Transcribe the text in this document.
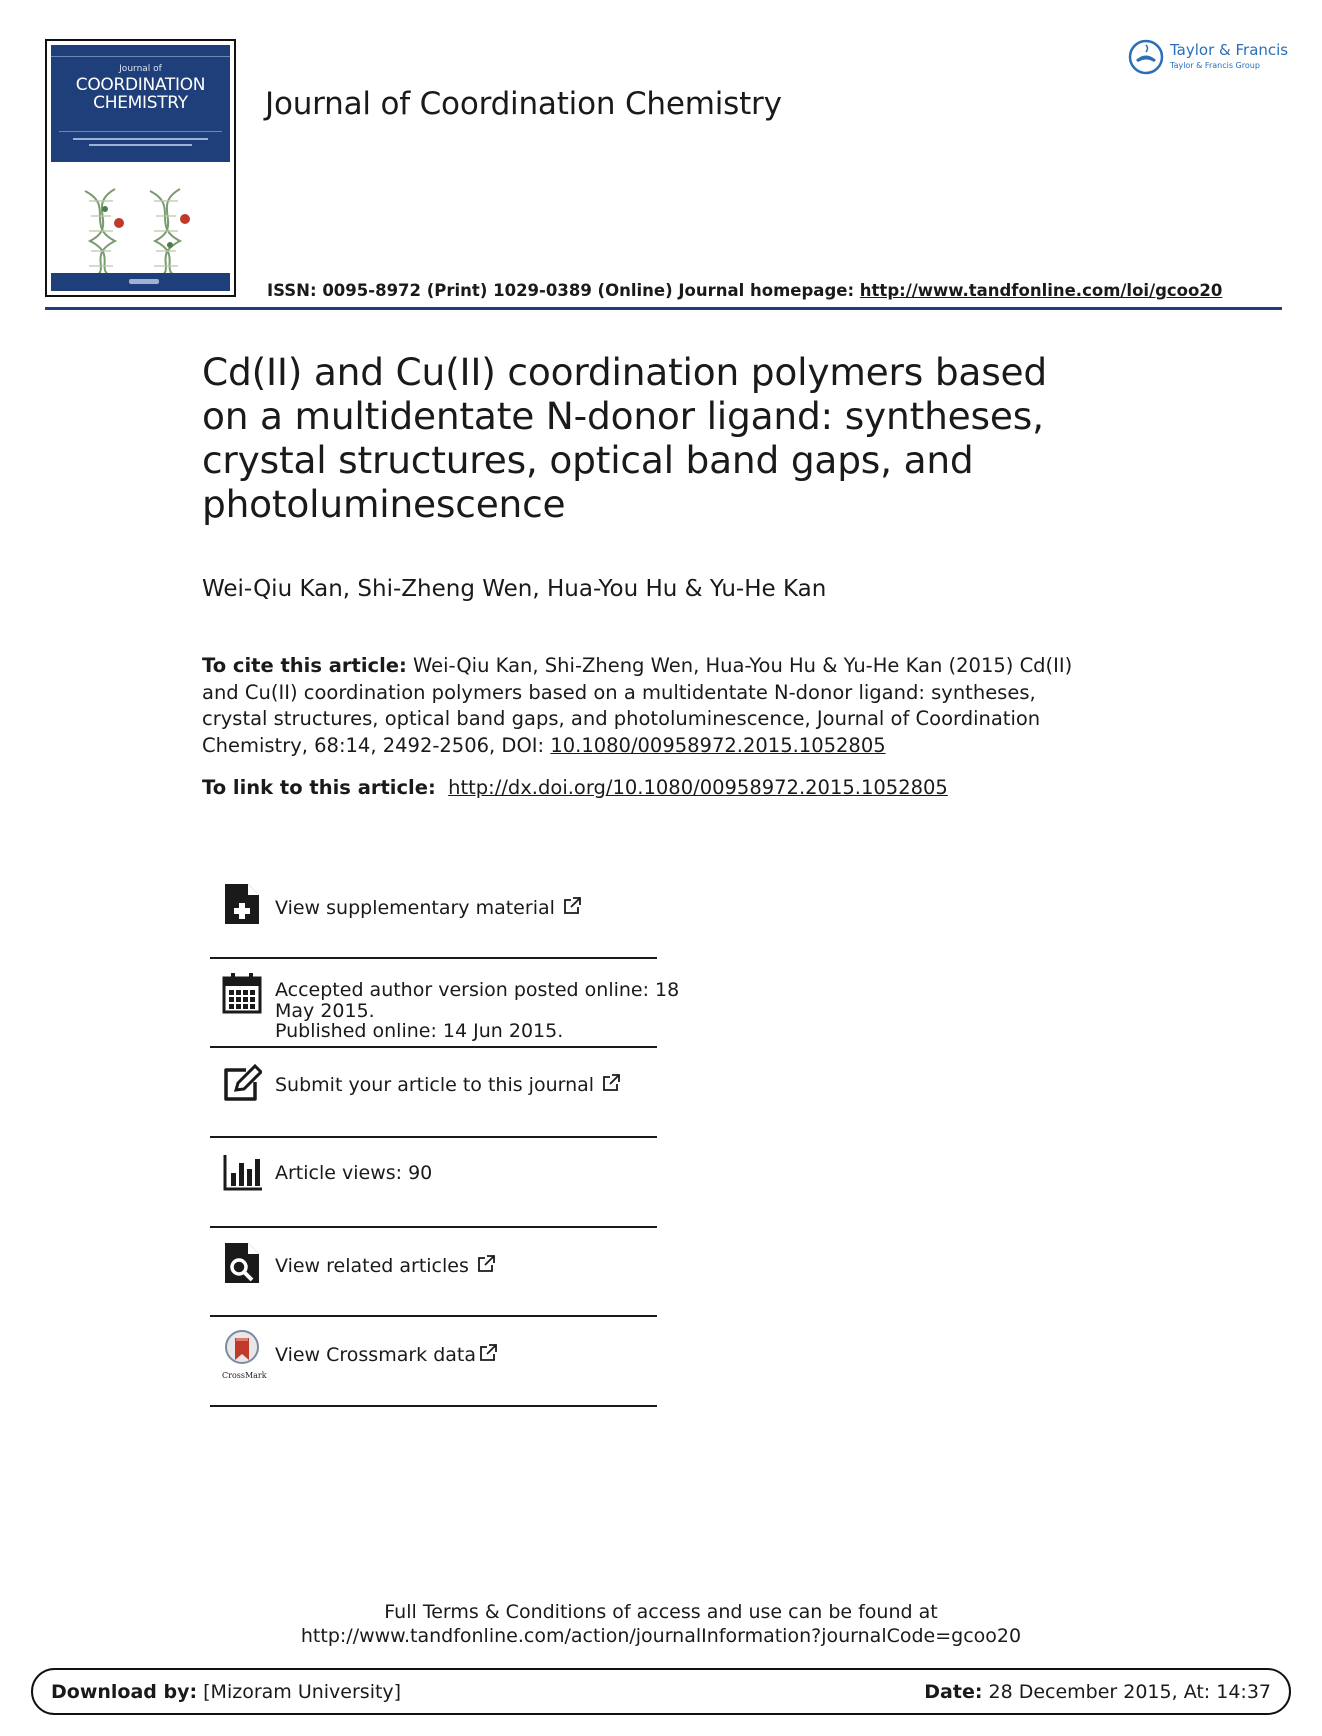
Journal of
COORDINATION
CHEMISTRY	Journal of Coordination Chemistry
Taylor & Francis
Taylor & Francis Group
ISSN: 0095-8972 (Print) 1029-0389 (Online) Journal homepage: http://www.tandfonline.com/loi/gcoo20
Cd(II) and Cu(II) coordination polymers based on a multidentate N-donor ligand: syntheses, crystal structures, optical band gaps, and photoluminescence
Wei-Qiu Kan, Shi-Zheng Wen, Hua-You Hu & Yu-He Kan
To cite this article: Wei-Qiu Kan, Shi-Zheng Wen, Hua-You Hu & Yu-He Kan (2015) Cd(II) and Cu(II) coordination polymers based on a multidentate N-donor ligand: syntheses, crystal structures, optical band gaps, and photoluminescence, Journal of Coordination Chemistry, 68:14, 2492-2506, DOI: 10.1080/00958972.2015.1052805
To link to this article: http://dx.doi.org/10.1080/00958972.2015.1052805
View supplementary material
Accepted author version posted online: 18
May 2015.
Published online: 14 Jun 2015.
Submit your article to this journal
Article views: 90
View related articles
CrossMark
View Crossmark data
Full Terms & Conditions of access and use can be found at
http://www.tandfonline.com/action/journalInformation?journalCode=gcoo20
Download by: [Mizoram University]	Date: 28 December 2015, At: 14:37
